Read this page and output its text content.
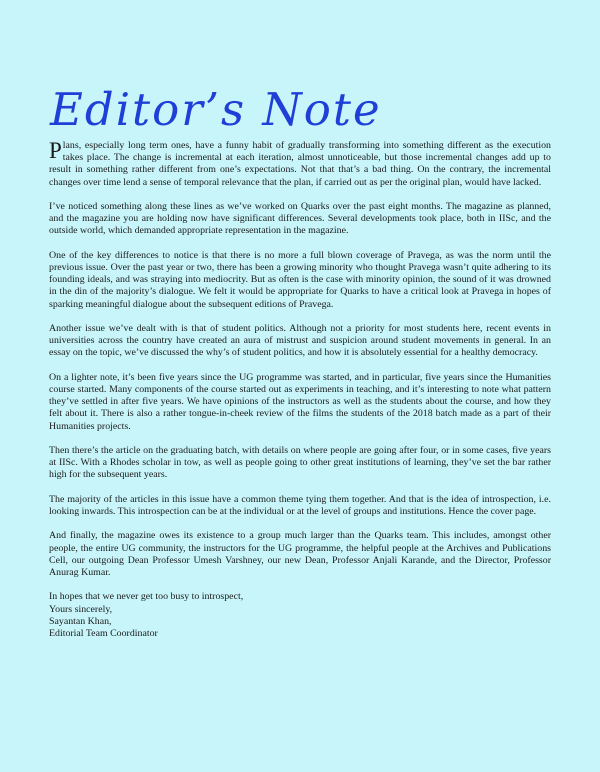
Editor’s Note

Plans, especially long term ones, have a funny habit of gradually transforming into something different as the execution takes place. The change is incremental at each iteration, almost unnoticeable, but those incremental changes add up to result in something rather different from one’s expectations. Not that that’s a bad thing. On the contrary, the incremental changes over time lend a sense of temporal relevance that the plan, if carried out as per the original plan, would have lacked.

I’ve noticed something along these lines as we’ve worked on Quarks over the past eight months. The magazine as planned, and the magazine you are holding now have significant differences. Several developments took place, both in IISc, and the outside world, which demanded appropriate representation in the magazine.

One of the key differences to notice is that there is no more a full blown coverage of Pravega, as was the norm until the previous issue. Over the past year or two, there has been a growing minority who thought Pravega wasn’t quite adhering to its founding ideals, and was straying into mediocrity. But as often is the case with minority opinion, the sound of it was drowned in the din of the majority’s dialogue. We felt it would be appropriate for Quarks to have a critical look at Pravega in hopes of sparking meaningful dialogue about the subsequent editions of Pravega.

Another issue we’ve dealt with is that of student politics. Although not a priority for most students here, recent events in universities across the country have created an aura of mistrust and suspicion around student movements in general. In an essay on the topic, we’ve discussed the why’s of student politics, and how it is absolutely essential for a healthy democracy.

On a lighter note, it’s been five years since the UG programme was started, and in particular, five years since the Humanities course started. Many components of the course started out as experiments in teaching, and it’s interesting to note what pattern they’ve settled in after five years. We have opinions of the instructors as well as the students about the course, and how they felt about it. There is also a rather tongue-in-cheek review of the films the students of the 2018 batch made as a part of their Humanities projects.

Then there’s the article on the graduating batch, with details on where people are going after four, or in some cases, five years at IISc. With a Rhodes scholar in tow, as well as people going to other great institutions of learning, they’ve set the bar rather high for the subsequent years.

The majority of the articles in this issue have a common theme tying them together. And that is the idea of introspection, i.e. looking inwards. This introspection can be at the individual or at the level of groups and institutions. Hence the cover page.

And finally, the magazine owes its existence to a group much larger than the Quarks team. This includes, amongst other people, the entire UG community, the instructors for the UG programme, the helpful people at the Archives and Publications Cell, our outgoing Dean Professor Umesh Varshney, our new Dean, Professor Anjali Karande, and the Director, Professor Anurag Kumar.

In hopes that we never get too busy to introspect,
Yours sincerely,
Sayantan Khan,
Editorial Team Coordinator
